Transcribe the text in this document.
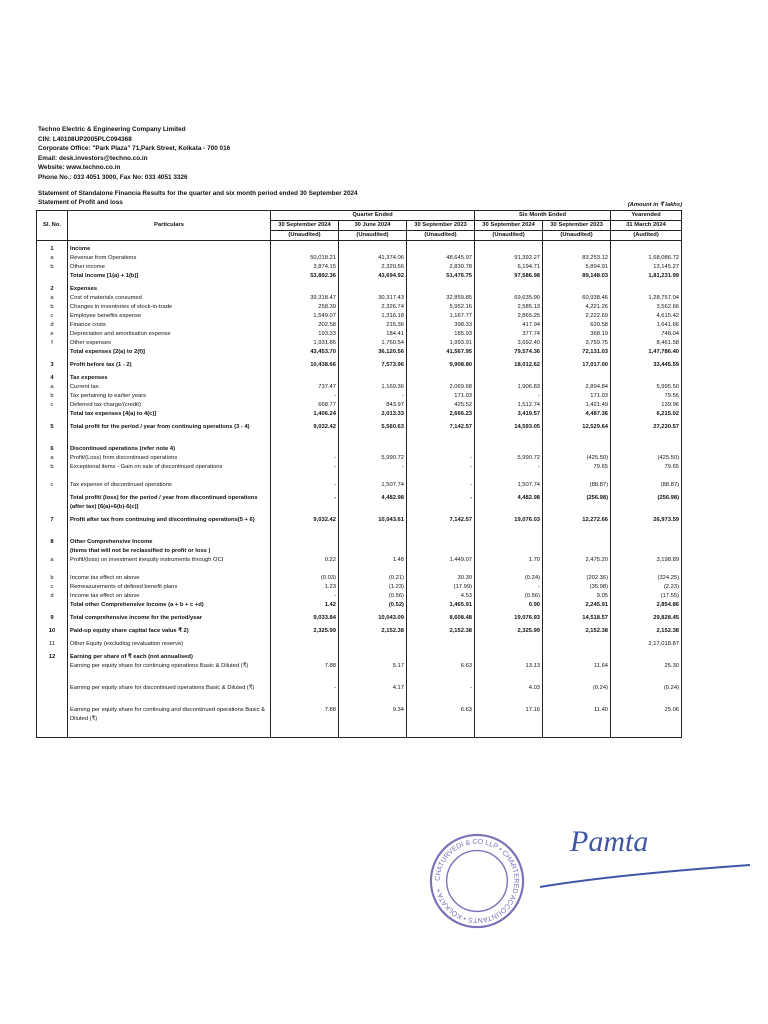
Techno Electric & Engineering Company Limited
CIN: L40108UP2005PLC094368
Corporate Office: "Park Plaza" 71,Park Street, Kolkata - 700 016
Email: desk.investors@techno.co.in
Website: www.techno.co.in
Phone No.: 033 4051 3000, Fax No: 033 4051 3326
Statement of Standalone Financia Results for the quarter and six month period ended 30 September 2024
Statement of Profit and loss	(Amount in ₹ lakhs)
Sl. No.	Particulars	Quarter Ended			Six Month Ended		Yearended
		30 September 2024	30 June 2024	30 September 2023	30 September 2024	30 September 2023	31 March 2024
		(Unaudited)	(Unaudited)	(Unaudited)	(Unaudited)	(Unaudited)	(Audited)

1	Income						
a	Revenue from Operations	50,018.21	41,374.06	48,645.97	91,392.27	83,253.12	1,68,086.72
b	Other income	3,874.15	2,320.56	2,830.78	6,194.71	5,894.91	13,145.27
	Total Income [1(a) + 1(b)]	53,892.36	43,694.92	51,476.75	97,586.98	89,148.03	1,81,231.99

2	Expenses						
a	Cost of materials consumed	39,318.47	30,317.43	32,859.85	69,635.90	60,938.46	1,28,757.04
b	Changes in inventories of stock-in-trade	258.39	2,326.74	5,952.16	2,585.13	4,221.26	3,562.66
c	Employee benefits expense	1,549.07	1,316.18	1,167.77	2,865.25	2,222.69	4,615.42
d	Finance costs	202.58	215.36	398.33	417.94	620.58	1,641.66
e	Depreciation and amortisation expense	193.33	184.41	185.93	377.74	368.19	748.04
f	Other expenses	1,931.86	1,760.54	1,993.91	3,692.40	3,759.75	8,461.58
	Total expenses [2(a) to 2(f)]	43,453.70	36,120.56	41,567.95	79,574.36	72,131.03	1,47,786.40

3	Profit before tax (1 - 2)	10,438.66	7,573.96	9,908.80	18,012.62	17,017.00	33,445.59

4	Tax expenses						
a	Current tax	737.47	1,169.36	2,069.68	1,906.83	2,894.84	5,995.50
b	Tax pertaining to earlier years	-	-	171.03	-	171.03	79.56
c	Deferred tax charge/(credit)	668.77	843.97	425.52	1,512.74	1,421.49	139.96
	Total tax expenses [4(a) to 4(c)]	1,406.24	2,013.33	2,666.23	3,419.57	4,487.36	6,215.02

5	Total profit for the period / year from continuing operations (3 - 4)	9,032.42	5,560.63	7,142.57	14,593.05	12,529.64	27,230.57

6	Discontinued operations (refer note 4)						
a	Profit/(Loss) from discontinued operations	-	5,990.72	-	5,990.72	(425.50)	(425.50)
b	Exceptional items - Gain on sale of discontinued operations	-	-	-	-	79.65	79.65
c	Tax expense of discontinued operations	-	1,507.74	-	1,507.74	(88.87)	(88.87)

	Total profit/ (loss) for the period / year from discontinued operations (after tax) [6(a)+6(b)-6(c)]	-	4,482.98	-	4,482.98	(256.98)	(256.98)

7	Profit after tax from continuing and discontinuing operations(5 + 6)	9,032.42	10,043.61	7,142.57	19,076.03	12,272.66	26,973.59

8	Other Comprehensive Income						
	(items that will not be reclassified to profit or loss )						
a	Profit/(loss) on investment inequity instruments through OCI	0.22	1.48	1,449.07	1.70	2,475.20	3,198.89
b	Income tax effect on above	(0.03)	(0.21)	30.30	(0.24)	(202.36)	(324.25)
c	Remeasurements of defined benefit plans	1.23	(1.23)	(17.99)	-	(35.98)	(2.23)
d	Income tax effect on above	-	(0.56)	4.53	(0.56)	9.05	(17.55)
	Total other Comprehensive Income (a + b + c +d)	1.42	(0.52)	1,465.91	0.90	2,245.91	2,854.86

9	Total comprehensive income for the period/year	9,033.84	10,043.09	8,608.48	19,076.93	14,518.57	29,828.45

10	Paid-up equity share capital face value ₹ 2)	2,325.99	2,152.38	2,152.38	2,325.99	2,152.38	2,152.38

11	Other Equity (excluding revaluation reserve)						2,17,018.87

12	Earning per share of ₹ each (not annualised)						
	Earning per equity share for continuing operations Basic & Diluted (₹)	7.88	5.17	6.63	13.13	11.64	25.30

	Earning per equity share for discontinued operations Basic & Diluted (₹)	-	4.17	-	4.03	(0.24)	(0.24)

	Earning per equity share for continuing and discontinued operations Basic & Diluted (₹)	7.88	9.34	6.63	17.16	11.40	25.06

CHATURVEDI & CO LLP • CHARTERED ACCOUNTANTS • KOLKATA •
Pamta
